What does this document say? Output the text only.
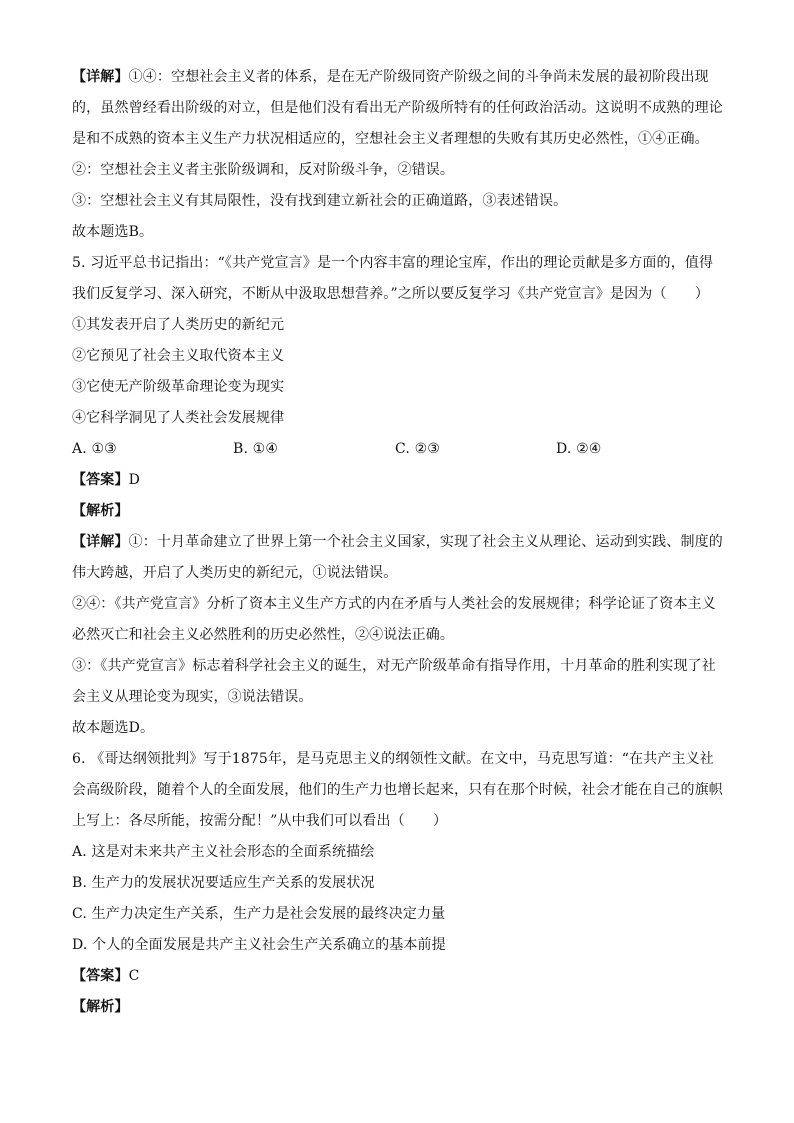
【详解】①④：空想社会主义者的体系，是在无产阶级同资产阶级之间的斗争尚未发展的最初阶段出现
的，虽然曾经看出阶级的对立，但是他们没有看出无产阶级所特有的任何政治活动。这说明不成熟的理论
是和不成熟的资本主义生产力状况相适应的，空想社会主义者理想的失败有其历史必然性，①④正确。
②：空想社会主义者主张阶级调和，反对阶级斗争，②错误。
③：空想社会主义有其局限性，没有找到建立新社会的正确道路，③表述错误。
故本题选B。
5. 习近平总书记指出：“《共产党宣言》是一个内容丰富的理论宝库，作出的理论贡献是多方面的，值得
我们反复学习、深入研究，不断从中汲取思想营养。”之所以要反复学习《共产党宣言》是因为（　　）
①其发表开启了人类历史的新纪元
②它预见了社会主义取代资本主义
③它使无产阶级革命理论变为现实
④它科学洞见了人类社会发展规律
A. ①③	B. ①④	C. ②③	D. ②④
【答案】D
【解析】
【详解】①：十月革命建立了世界上第一个社会主义国家，实现了社会主义从理论、运动到实践、制度的
伟大跨越，开启了人类历史的新纪元，①说法错误。
②④：《共产党宣言》分析了资本主义生产方式的内在矛盾与人类社会的发展规律；科学论证了资本主义
必然灭亡和社会主义必然胜利的历史必然性，②④说法正确。
③：《共产党宣言》标志着科学社会主义的诞生，对无产阶级革命有指导作用，十月革命的胜利实现了社
会主义从理论变为现实，③说法错误。
故本题选D。
6. 《哥达纲领批判》写于1875年，是马克思主义的纲领性文献。在文中，马克思写道：“在共产主义社
会高级阶段，随着个人的全面发展，他们的生产力也增长起来，只有在那个时候，社会才能在自己的旗帜
上写上：各尽所能，按需分配！”从中我们可以看出（　　）
A. 这是对未来共产主义社会形态的全面系统描绘
B. 生产力的发展状况要适应生产关系的发展状况
C. 生产力决定生产关系，生产力是社会发展的最终决定力量
D. 个人的全面发展是共产主义社会生产关系确立的基本前提
【答案】C
【解析】
